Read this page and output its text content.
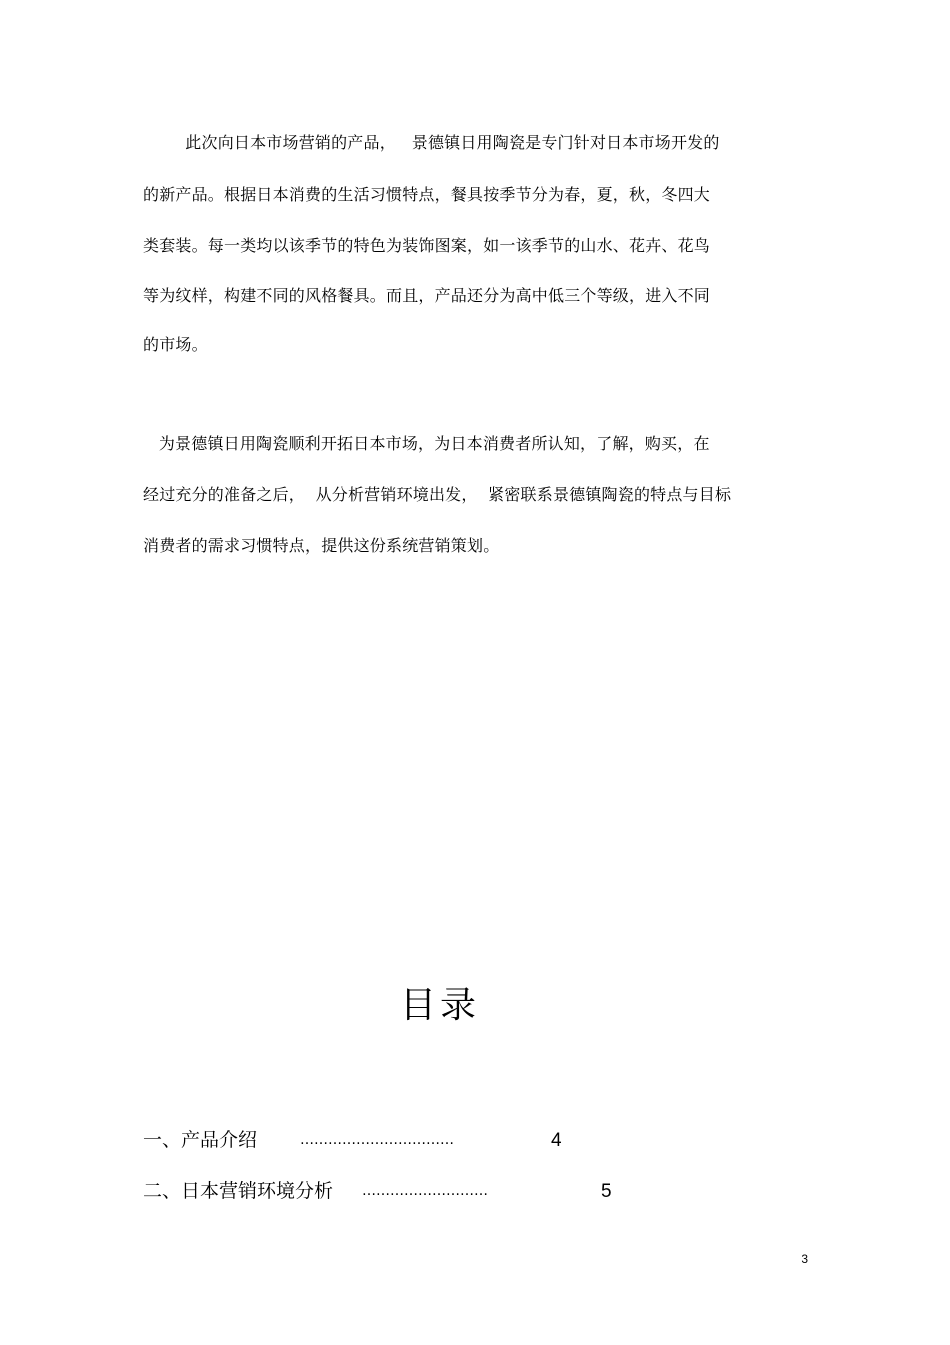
此次向日本市场营销的产品，   景德镇日用陶瓷是专门针对日本市场开发的
的新产品。根据日本消费的生活习惯特点，餐具按季节分为春，夏，秋，冬四大
类套装。每一类均以该季节的特色为装饰图案，如一该季节的山水、花卉、花鸟
等为纹样，构建不同的风格餐具。而且，产品还分为高中低三个等级，进入不同
的市场。
为景德镇日用陶瓷顺利开拓日本市场，为日本消费者所认知，了解，购买，在
经过充分的准备之后，  从分析营销环境出发，  紧密联系景德镇陶瓷的特点与目标
消费者的需求习惯特点，提供这份系统营销策划。
目录
一、产品介绍	……………………………	4
二、日本营销环境分析 ………………………	5
3
